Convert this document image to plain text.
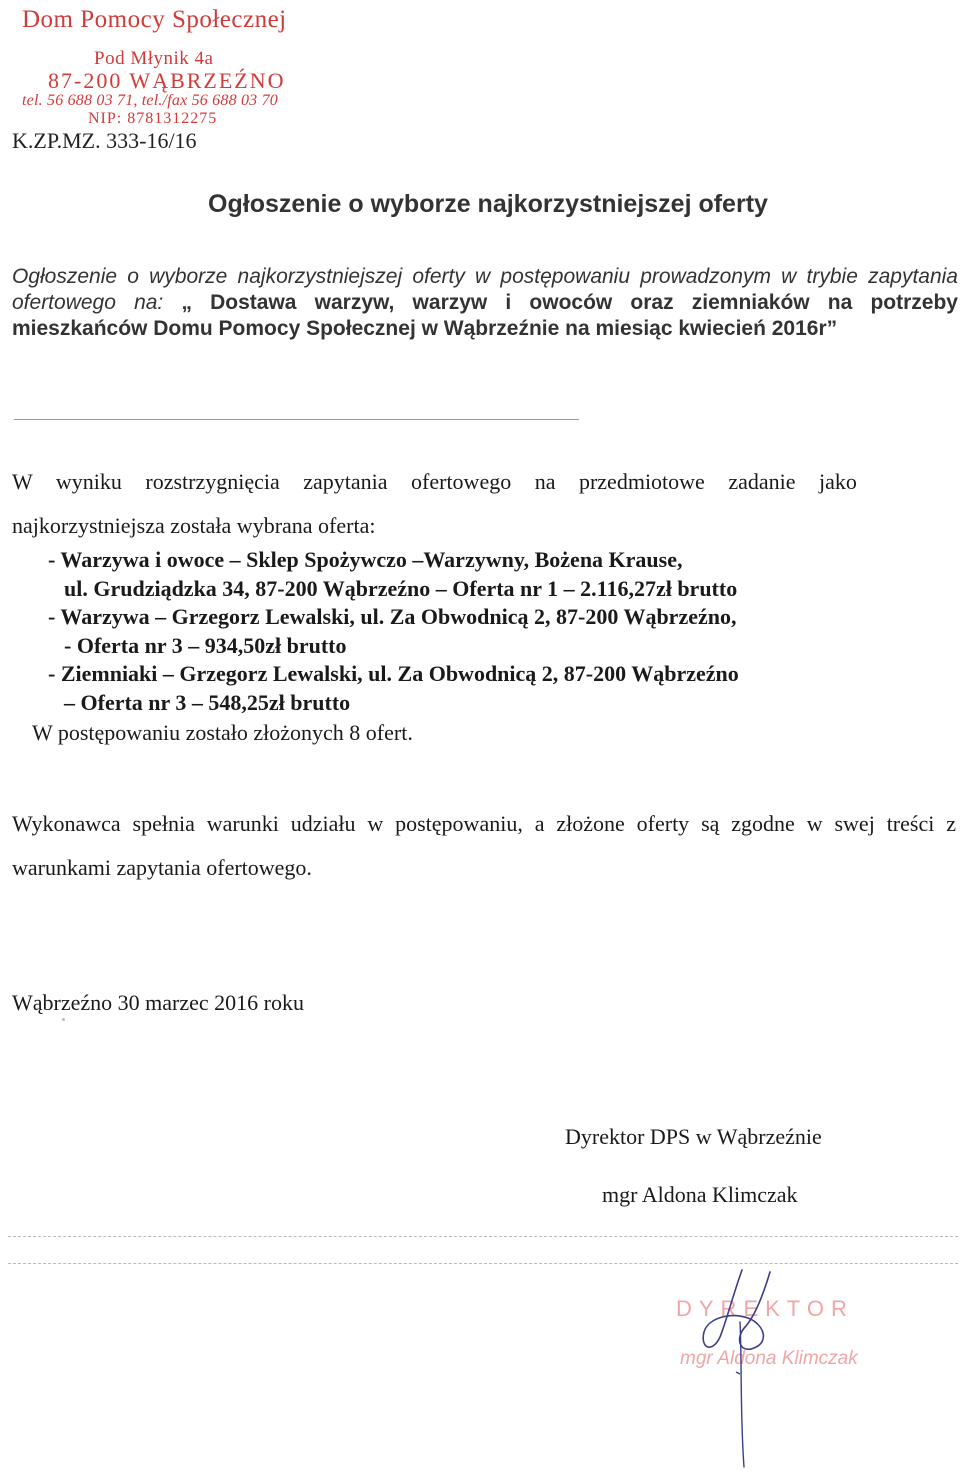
Dom Pomocy Społecznej
Pod Młynik 4a
87-200 WĄBRZEŹNO
tel. 56 688 03 71, tel./fax 56 688 03 70
NIP: 8781312275
K.ZP.MZ. 333-16/16
Ogłoszenie o wyborze najkorzystniejszej oferty
Ogłoszenie o wyborze najkorzystniejszej oferty w postępowaniu prowadzonym w trybie zapytania ofertowego na: „ Dostawa warzyw, warzyw i owoców oraz ziemniaków na potrzeby mieszkańców Domu Pomocy Społecznej w Wąbrzeźnie na miesiąc kwiecień 2016r”
W wyniku rozstrzygnięcia zapytania ofertowego na przedmiotowe zadanie jako
najkorzystniejsza została wybrana oferta:
- Warzywa i owoce – Sklep Spożywczo –Warzywny, Bożena Krause,
ul. Grudziądzka 34, 87-200 Wąbrzeźno – Oferta nr 1 – 2.116,27zł brutto
- Warzywa – Grzegorz Lewalski, ul. Za Obwodnicą 2, 87-200 Wąbrzeźno,
- Oferta nr 3 – 934,50zł brutto
- Ziemniaki – Grzegorz Lewalski, ul. Za Obwodnicą 2, 87-200 Wąbrzeźno
– Oferta nr 3 – 548,25zł brutto
W postępowaniu zostało złożonych 8 ofert.
Wykonawca spełnia warunki udziału w postępowaniu, a złożone oferty są zgodne w swej treści z warunkami zapytania ofertowego.
Wąbrzeźno 30 marzec 2016 roku
Dyrektor DPS w Wąbrzeźnie
mgr Aldona Klimczak
DYREKTOR
mgr Aldona Klimczak
